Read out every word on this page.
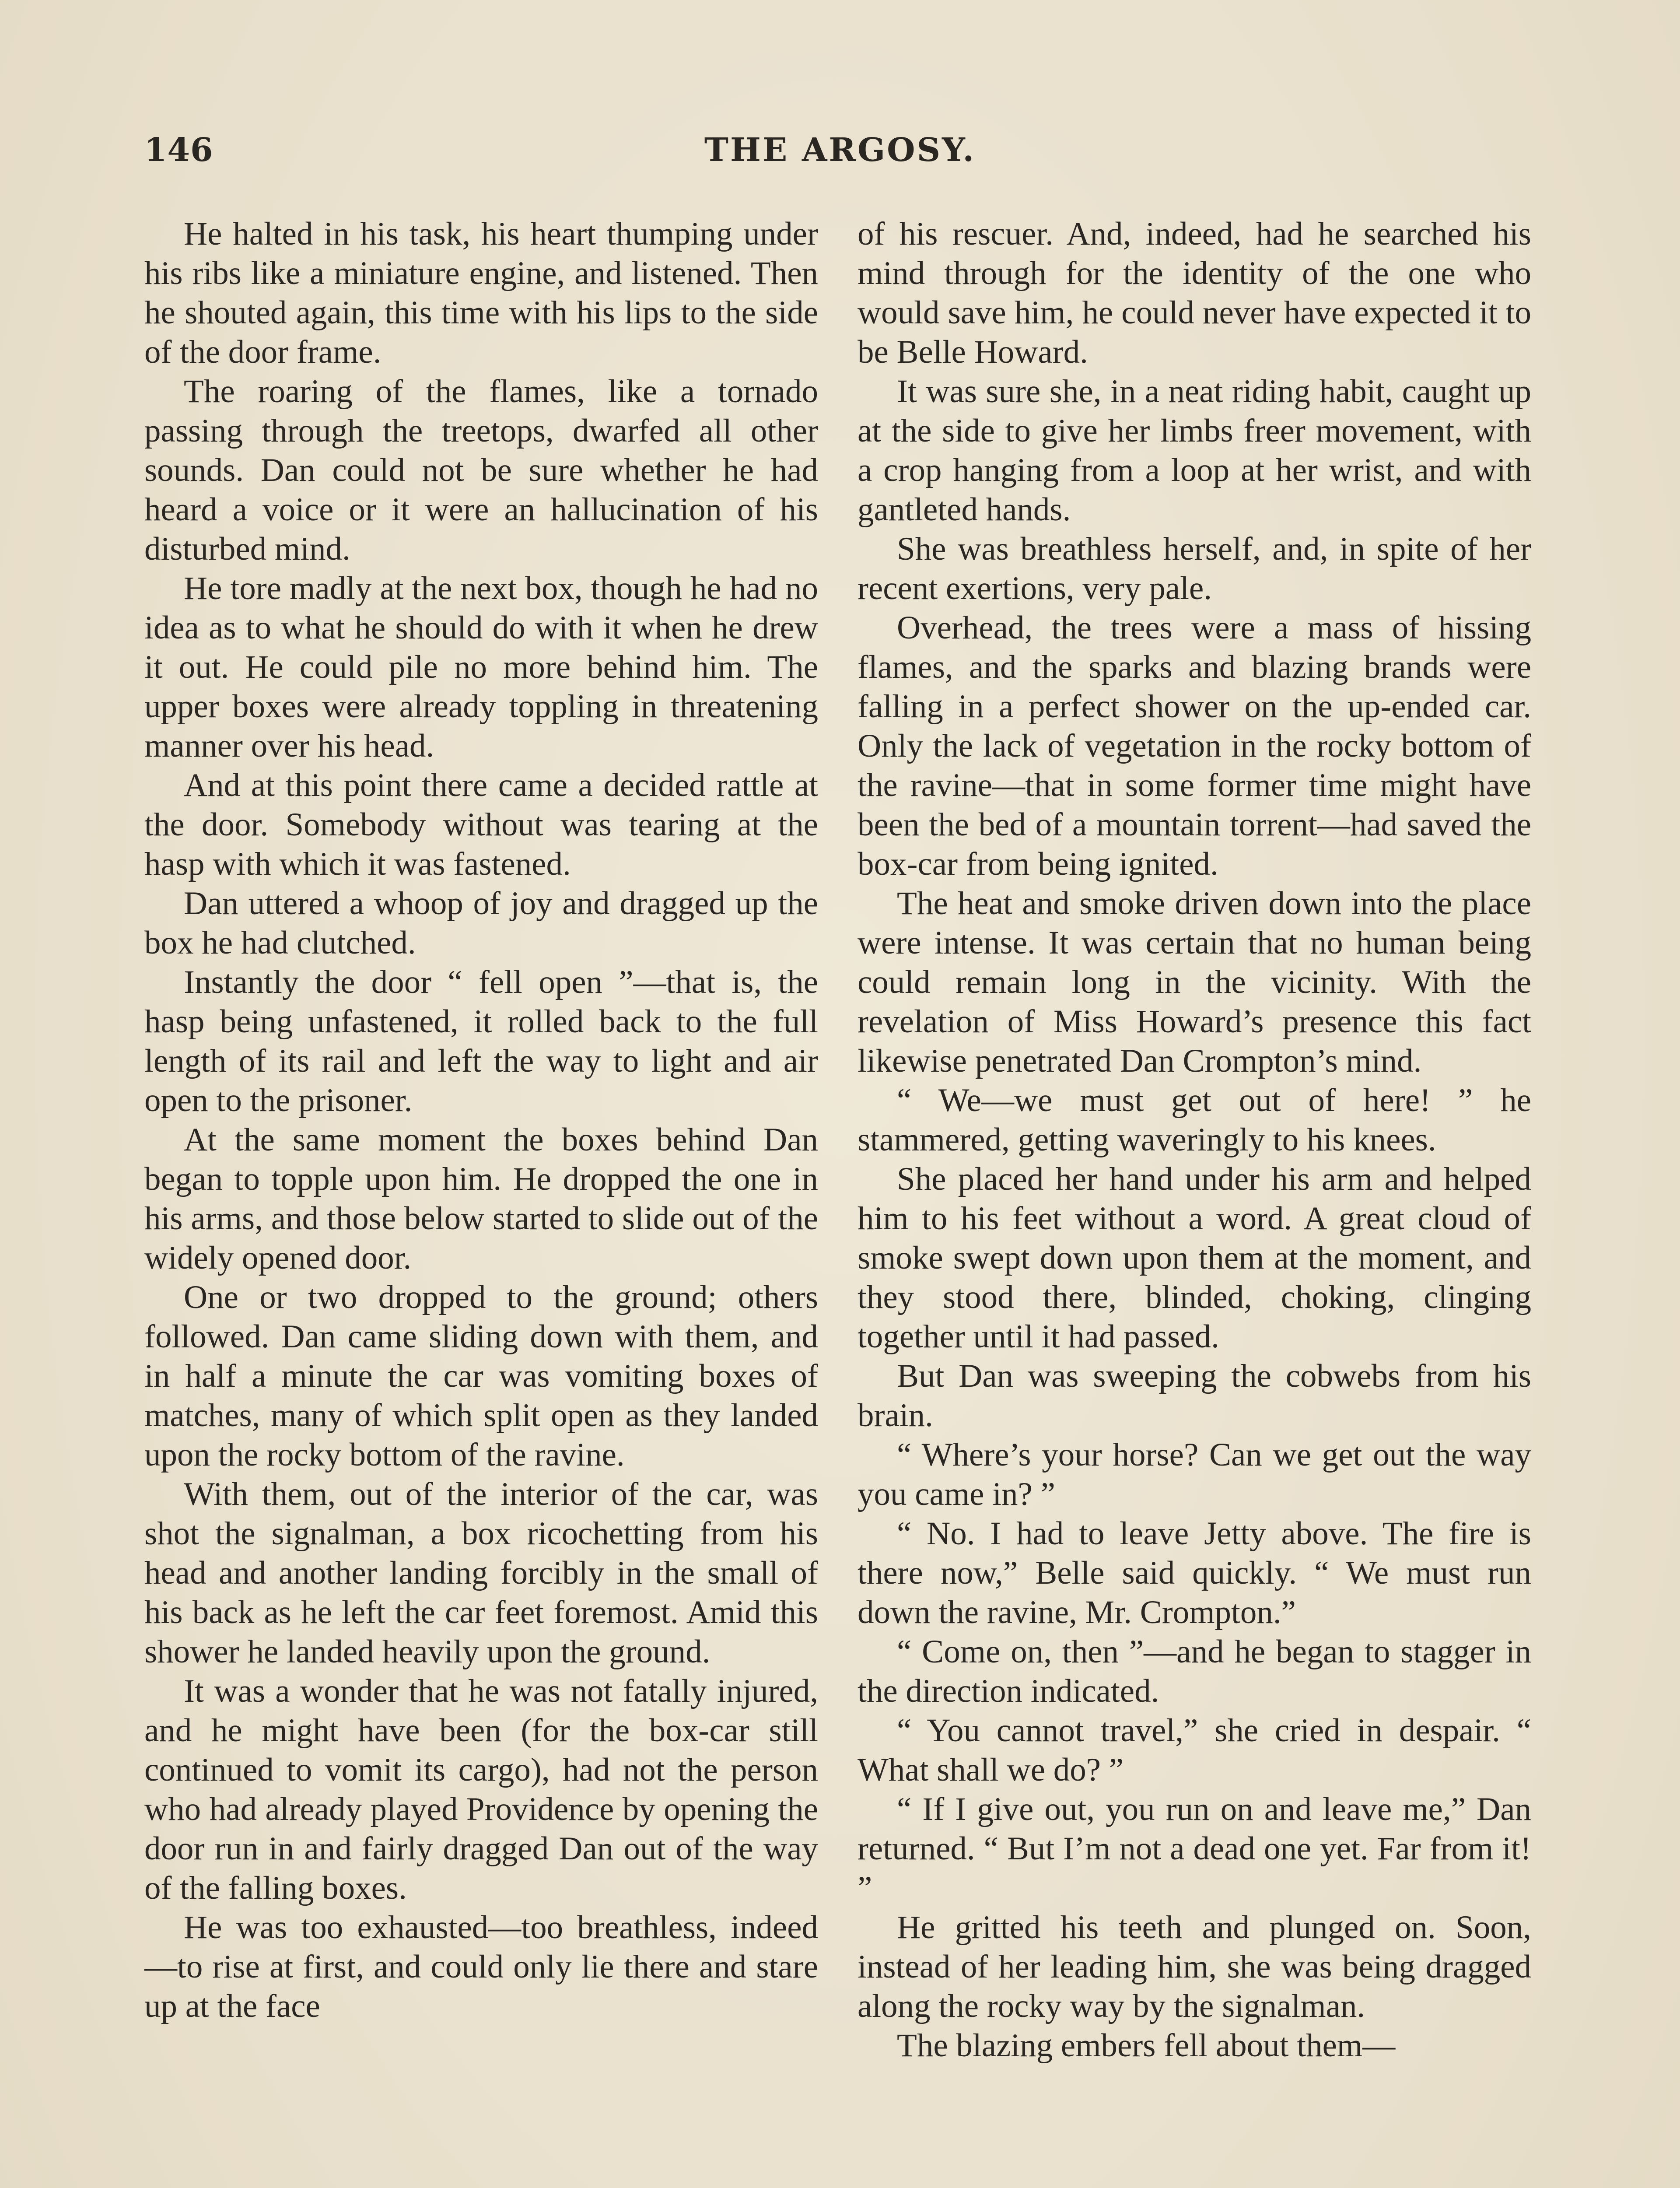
146	THE ARGOSY.

He halted in his task, his heart thumping under his ribs like a miniature engine, and listened. Then he shouted again, this time with his lips to the side of the door frame.

The roaring of the flames, like a tornado passing through the treetops, dwarfed all other sounds. Dan could not be sure whether he had heard a voice or it were an hallucination of his disturbed mind.

He tore madly at the next box, though he had no idea as to what he should do with it when he drew it out. He could pile no more behind him. The upper boxes were already toppling in threatening manner over his head.

And at this point there came a decided rattle at the door. Somebody without was tearing at the hasp with which it was fastened.

Dan uttered a whoop of joy and dragged up the box he had clutched.

Instantly the door “ fell open ”—that is, the hasp being unfastened, it rolled back to the full length of its rail and left the way to light and air open to the prisoner.

At the same moment the boxes behind Dan began to topple upon him. He dropped the one in his arms, and those below started to slide out of the widely opened door.

One or two dropped to the ground; others followed. Dan came sliding down with them, and in half a minute the car was vomiting boxes of matches, many of which split open as they landed upon the rocky bottom of the ravine.

With them, out of the interior of the car, was shot the signalman, a box ricochetting from his head and another landing forcibly in the small of his back as he left the car feet foremost. Amid this shower he landed heavily upon the ground.

It was a wonder that he was not fatally injured, and he might have been (for the box-car still continued to vomit its cargo), had not the person who had already played Providence by opening the door run in and fairly dragged Dan out of the way of the falling boxes.

He was too exhausted—too breathless, indeed—to rise at first, and could only lie there and stare up at the face

of his rescuer. And, indeed, had he searched his mind through for the identity of the one who would save him, he could never have expected it to be Belle Howard.

It was sure she, in a neat riding habit, caught up at the side to give her limbs freer movement, with a crop hanging from a loop at her wrist, and with gantleted hands.

She was breathless herself, and, in spite of her recent exertions, very pale.

Overhead, the trees were a mass of hissing flames, and the sparks and blazing brands were falling in a perfect shower on the up-ended car. Only the lack of vegetation in the rocky bottom of the ravine—that in some former time might have been the bed of a mountain torrent—had saved the box-car from being ignited.

The heat and smoke driven down into the place were intense. It was certain that no human being could remain long in the vicinity. With the revelation of Miss Howard’s presence this fact likewise penetrated Dan Crompton’s mind.

“ We—we must get out of here! ” he stammered, getting waveringly to his knees.

She placed her hand under his arm and helped him to his feet without a word. A great cloud of smoke swept down upon them at the moment, and they stood there, blinded, choking, clinging together until it had passed.

But Dan was sweeping the cobwebs from his brain.

“ Where’s your horse? Can we get out the way you came in? ”

“ No. I had to leave Jetty above. The fire is there now,” Belle said quickly. “ We must run down the ravine, Mr. Crompton.”

“ Come on, then ”—and he began to stagger in the direction indicated.

“ You cannot travel,” she cried in despair. “ What shall we do? ”

“ If I give out, you run on and leave me,” Dan returned. “ But I’m not a dead one yet. Far from it! ”

He gritted his teeth and plunged on. Soon, instead of her leading him, she was being dragged along the rocky way by the signalman.

The blazing embers fell about them—
